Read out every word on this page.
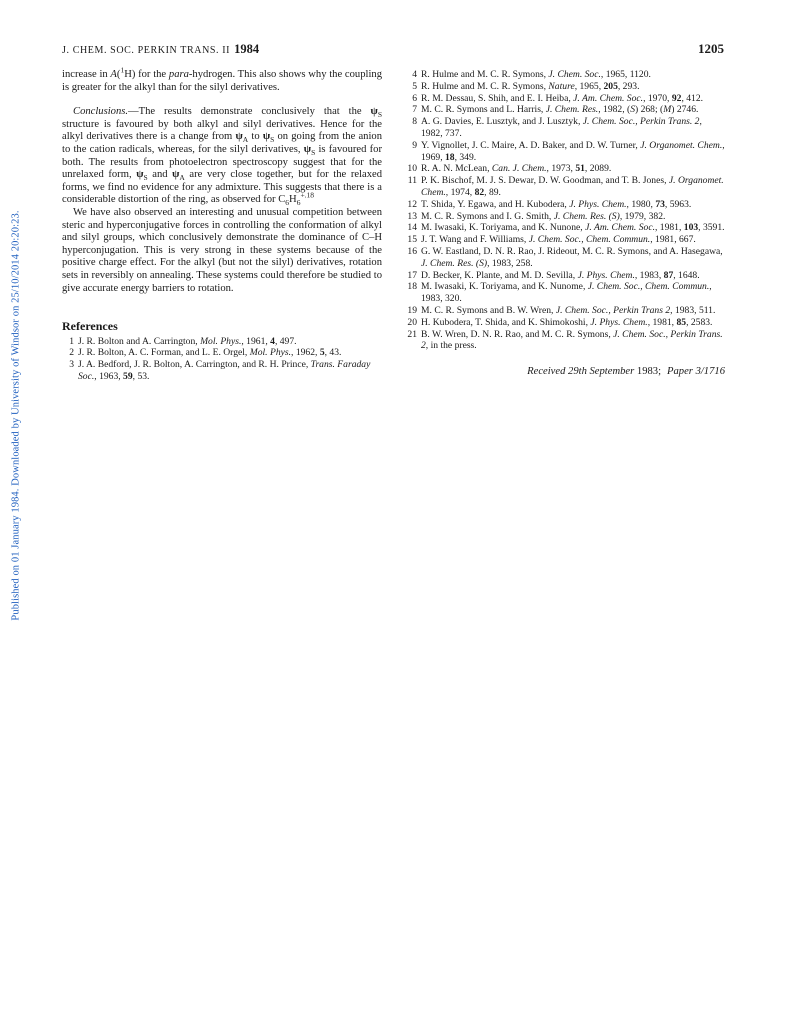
Published on 01 January 1984. Downloaded by University of Windsor on 25/10/2014 20:20:23.
J. CHEM. SOC. PERKIN TRANS. II 1984	1205

increase in A($^1$H) for the para-hydrogen. This also shows why the coupling is greater for the alkyl than for the silyl derivatives.

Conclusions.—The results demonstrate conclusively that the $\psi_S$ structure is favoured by both alkyl and silyl derivatives. Hence for the alkyl derivatives there is a change from $\psi_A$ to $\psi_S$ on going from the anion to the cation radicals, whereas, for the silyl derivatives, $\psi_S$ is favoured for both. The results from photoelectron spectroscopy suggest that for the unrelaxed form, $\psi_S$ and $\psi_A$ are very close together, but for the relaxed forms, we find no evidence for any admixture. This suggests that there is a considerable distortion of the ring, as observed for $C_6H_6^{+.18}$

We have also observed an interesting and unusual competition between steric and hyperconjugative forces in controlling the conformation of alkyl and silyl groups, which conclusively demonstrate the dominance of C–H hyperconjugation. This is very strong in these systems because of the positive charge effect. For the alkyl (but not the silyl) derivatives, rotation sets in reversibly on annealing. These systems could therefore be studied to give accurate energy barriers to rotation.

References
1 J. R. Bolton and A. Carrington, Mol. Phys., 1961, 4, 497.
2 J. R. Bolton, A. C. Forman, and L. E. Orgel, Mol. Phys., 1962, 5, 43.
3 J. A. Bedford, J. R. Bolton, A. Carrington, and R. H. Prince, Trans. Faraday Soc., 1963, 59, 53.
4 R. Hulme and M. C. R. Symons, J. Chem. Soc., 1965, 1120.
5 R. Hulme and M. C. R. Symons, Nature, 1965, 205, 293.
6 R. M. Dessau, S. Shih, and E. I. Heiba, J. Am. Chem. Soc., 1970, 92, 412.
7 M. C. R. Symons and L. Harris, J. Chem. Res., 1982, (S) 268; (M) 2746.
8 A. G. Davies, E. Lusztyk, and J. Lusztyk, J. Chem. Soc., Perkin Trans. 2, 1982, 737.
9 Y. Vignollet, J. C. Maire, A. D. Baker, and D. W. Turner, J. Organomet. Chem., 1969, 18, 349.
10 R. A. N. McLean, Can. J. Chem., 1973, 51, 2089.
11 P. K. Bischof, M. J. S. Dewar, D. W. Goodman, and T. B. Jones, J. Organomet. Chem., 1974, 82, 89.
12 T. Shida, Y. Egawa, and H. Kubodera, J. Phys. Chem., 1980, 73, 5963.
13 M. C. R. Symons and I. G. Smith, J. Chem. Res. (S), 1979, 382.
14 M. Iwasaki, K. Toriyama, and K. Nunone, J. Am. Chem. Soc., 1981, 103, 3591.
15 J. T. Wang and F. Williams, J. Chem. Soc., Chem. Commun., 1981, 667.
16 G. W. Eastland, D. N. R. Rao, J. Rideout, M. C. R. Symons, and A. Hasegawa, J. Chem. Res. (S), 1983, 258.
17 D. Becker, K. Plante, and M. D. Sevilla, J. Phys. Chem., 1983, 87, 1648.
18 M. Iwasaki, K. Toriyama, and K. Nunome, J. Chem. Soc., Chem. Commun., 1983, 320.
19 M. C. R. Symons and B. W. Wren, J. Chem. Soc., Perkin Trans 2, 1983, 511.
20 H. Kubodera, T. Shida, and K. Shimokoshi, J. Phys. Chem., 1981, 85, 2583.
21 B. W. Wren, D. N. R. Rao, and M. C. R. Symons, J. Chem. Soc., Perkin Trans. 2, in the press.
Received 29th September 1983; Paper 3/1716
